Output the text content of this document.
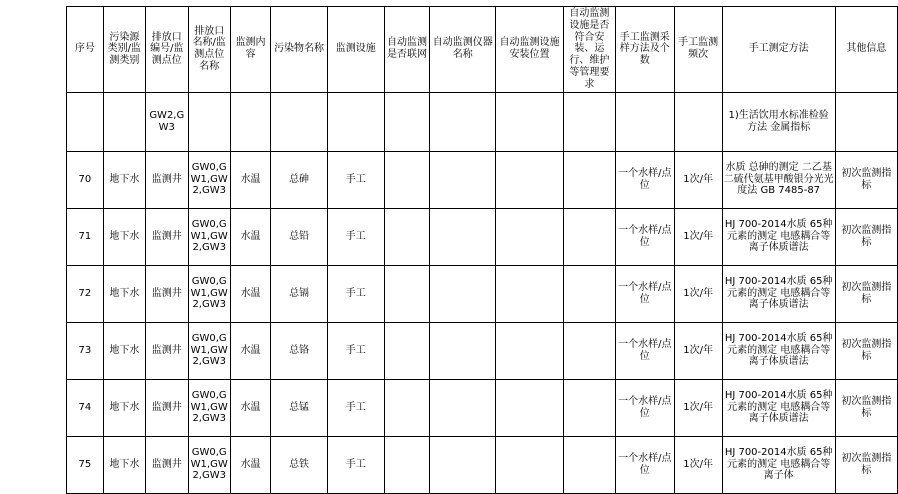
序号	污染源类别/监测类别	排放口编号/监测点位	排放口名称/监测点位名称	监测内容	污染物名称	监测设施	自动监测是否联网	自动监测仪器名称	自动监测设施安装位置	自动监测设施是否符合安装、运行、维护等管理要求	手工监测采样方法及个数	手工监测频次	手工测定方法	其他信息
		GW2,GW3											1)生活饮用水标准检验方法 金属指标	
70	地下水	监测井	GW0,GW1,GW2,GW3	水温	总砷	手工					一个水样/点位	1次/年	水质 总砷的测定 二乙基二硫代氨基甲酸银分光光度法 GB 7485-87	初次监测指标
71	地下水	监测井	GW0,GW1,GW2,GW3	水温	总铅	手工					一个水样/点位	1次/年	HJ 700-2014水质 65种元素的测定 电感耦合等离子体质谱法	初次监测指标
72	地下水	监测井	GW0,GW1,GW2,GW3	水温	总镉	手工					一个水样/点位	1次/年	HJ 700-2014水质 65种元素的测定 电感耦合等离子体质谱法	初次监测指标
73	地下水	监测井	GW0,GW1,GW2,GW3	水温	总铬	手工					一个水样/点位	1次/年	HJ 700-2014水质 65种元素的测定 电感耦合等离子体质谱法	初次监测指标
74	地下水	监测井	GW0,GW1,GW2,GW3	水温	总锰	手工					一个水样/点位	1次/年	HJ 700-2014水质 65种元素的测定 电感耦合等离子体质谱法	初次监测指标
75	地下水	监测井	GW0,GW1,GW2,GW3	水温	总铁	手工					一个水样/点位	1次/年	HJ 700-2014水质 65种元素的测定 电感耦合等离子体	初次监测指标
